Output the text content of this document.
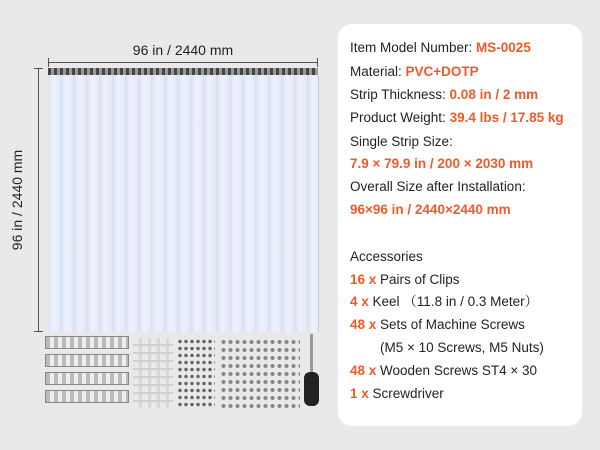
96 in / 2440 mm
96 in / 2440 mm
Item Model Number: MS-0025
Material: PVC+DOTP
Strip Thickness: 0.08 in / 2 mm
Product Weight: 39.4 lbs / 17.85 kg
Single Strip Size:
7.9 × 79.9 in / 200 × 2030 mm
Overall Size after Installation:
96×96 in / 2440×2440 mm
Accessories
16 x Pairs of Clips
4 x Keel （11.8 in / 0.3 Meter）
48 x Sets of Machine Screws
(M5 × 10 Screws, M5 Nuts)
48 x Wooden Screws ST4 × 30
1 x Screwdriver
